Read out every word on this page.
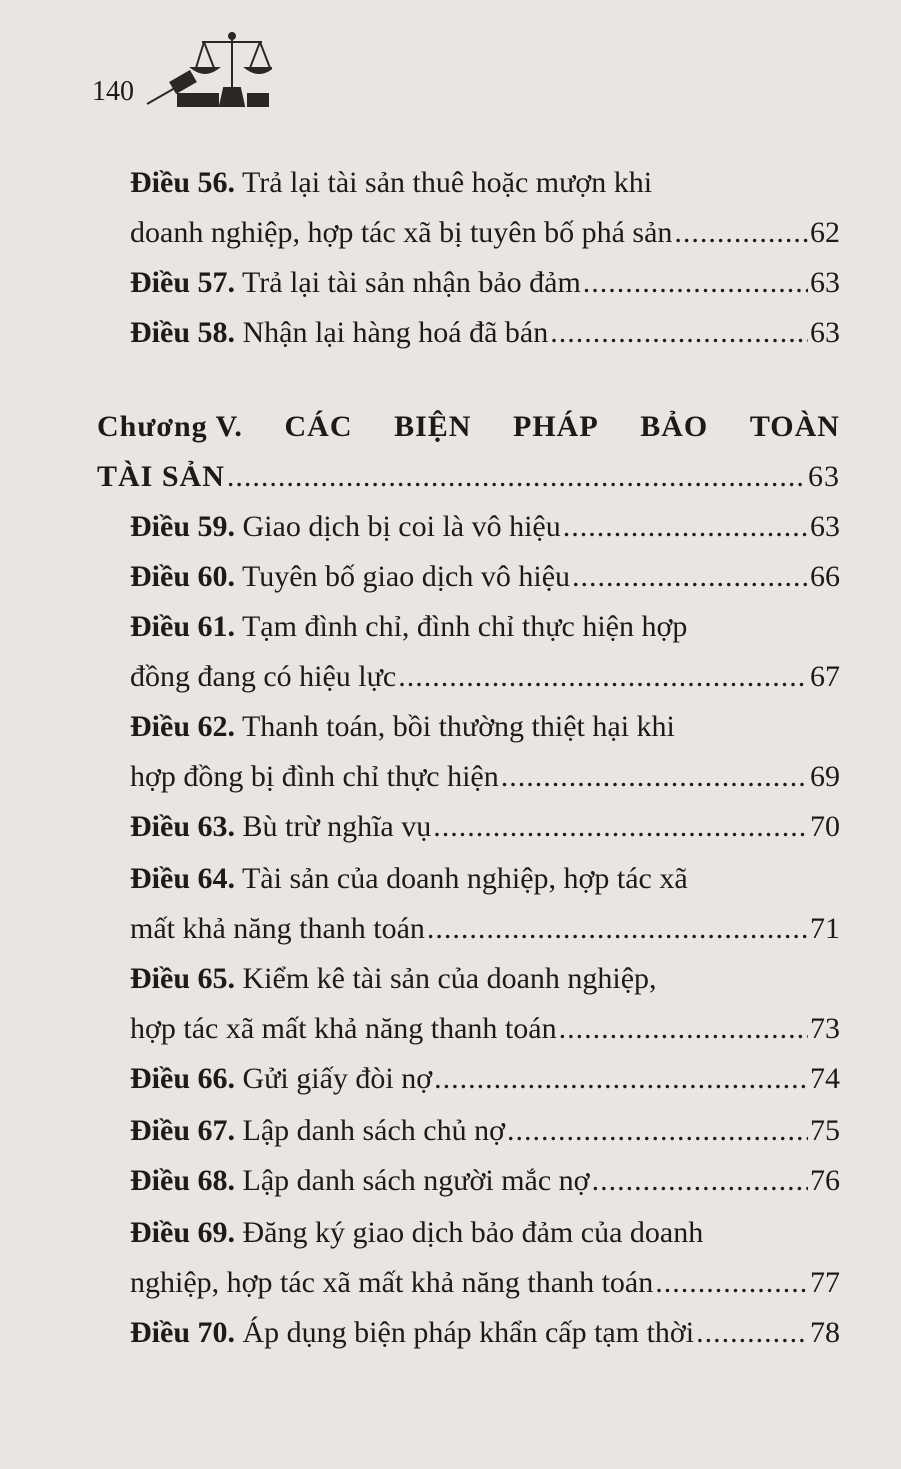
140
Điều 56. Trả lại tài sản thuê hoặc mượn khi
doanh nghiệp, hợp tác xã bị tuyên bố phá sản .....	62
Điều 57. Trả lại tài sản nhận bảo đảm .....	63
Điều 58. Nhận lại hàng hoá đã bán .....	63
Chương V. CÁC BIỆN PHÁP BẢO TOÀN
TÀI SẢN .....	63
Điều 59. Giao dịch bị coi là vô hiệu .....	63
Điều 60. Tuyên bố giao dịch vô hiệu .....	66
Điều 61. Tạm đình chỉ, đình chỉ thực hiện hợp
đồng đang có hiệu lực .....	67
Điều 62. Thanh toán, bồi thường thiệt hại khi
hợp đồng bị đình chỉ thực hiện .....	69
Điều 63. Bù trừ nghĩa vụ .....	70
Điều 64. Tài sản của doanh nghiệp, hợp tác xã
mất khả năng thanh toán .....	71
Điều 65. Kiểm kê tài sản của doanh nghiệp,
hợp tác xã mất khả năng thanh toán .....	73
Điều 66. Gửi giấy đòi nợ .....	74
Điều 67. Lập danh sách chủ nợ .....	75
Điều 68. Lập danh sách người mắc nợ .....	76
Điều 69. Đăng ký giao dịch bảo đảm của doanh
nghiệp, hợp tác xã mất khả năng thanh toán .....	77
Điều 70. Áp dụng biện pháp khẩn cấp tạm thời .....	78
